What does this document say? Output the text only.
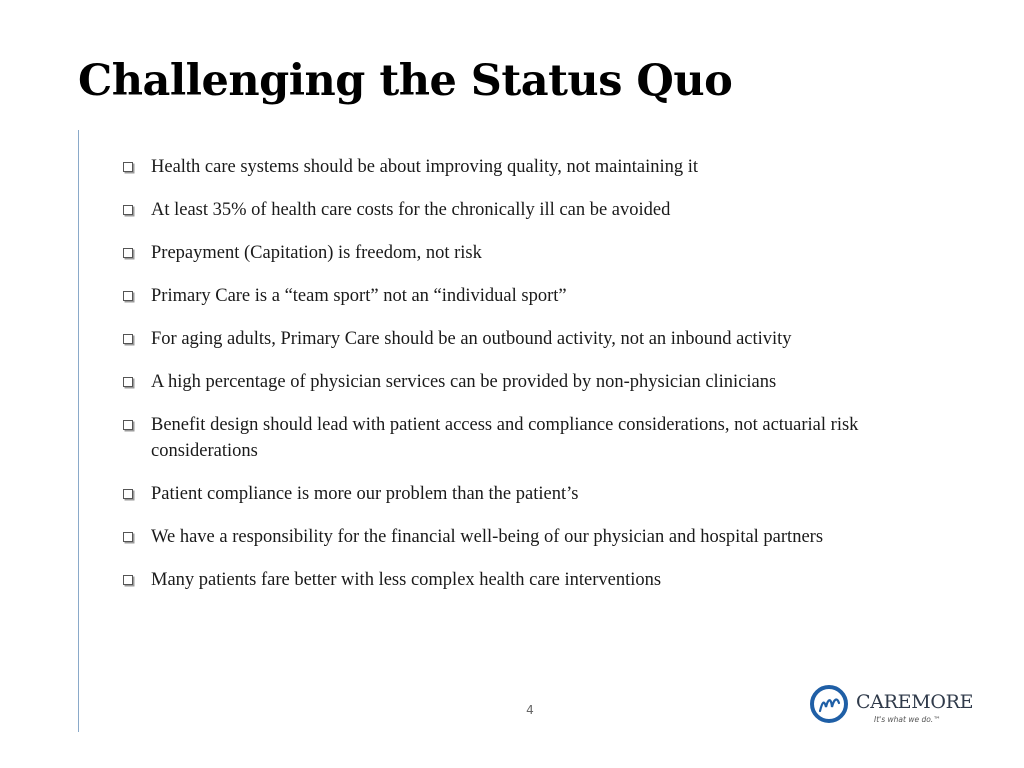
Challenging the Status Quo
Health care systems should be about improving quality, not maintaining it
At least 35% of health care costs for the chronically ill can be avoided
Prepayment (Capitation) is freedom, not risk
Primary Care is a “team sport” not an “individual sport”
For aging adults, Primary Care should be an outbound activity, not an inbound activity
A high percentage of physician services can be provided by non-physician clinicians
Benefit design should lead with patient access and compliance considerations, not actuarial risk considerations
Patient compliance is more our problem than the patient’s
We have a responsibility for the financial well-being of our physician and hospital partners
Many patients fare better with less complex health care interventions
4	CAREMORE
It's what we do.™
